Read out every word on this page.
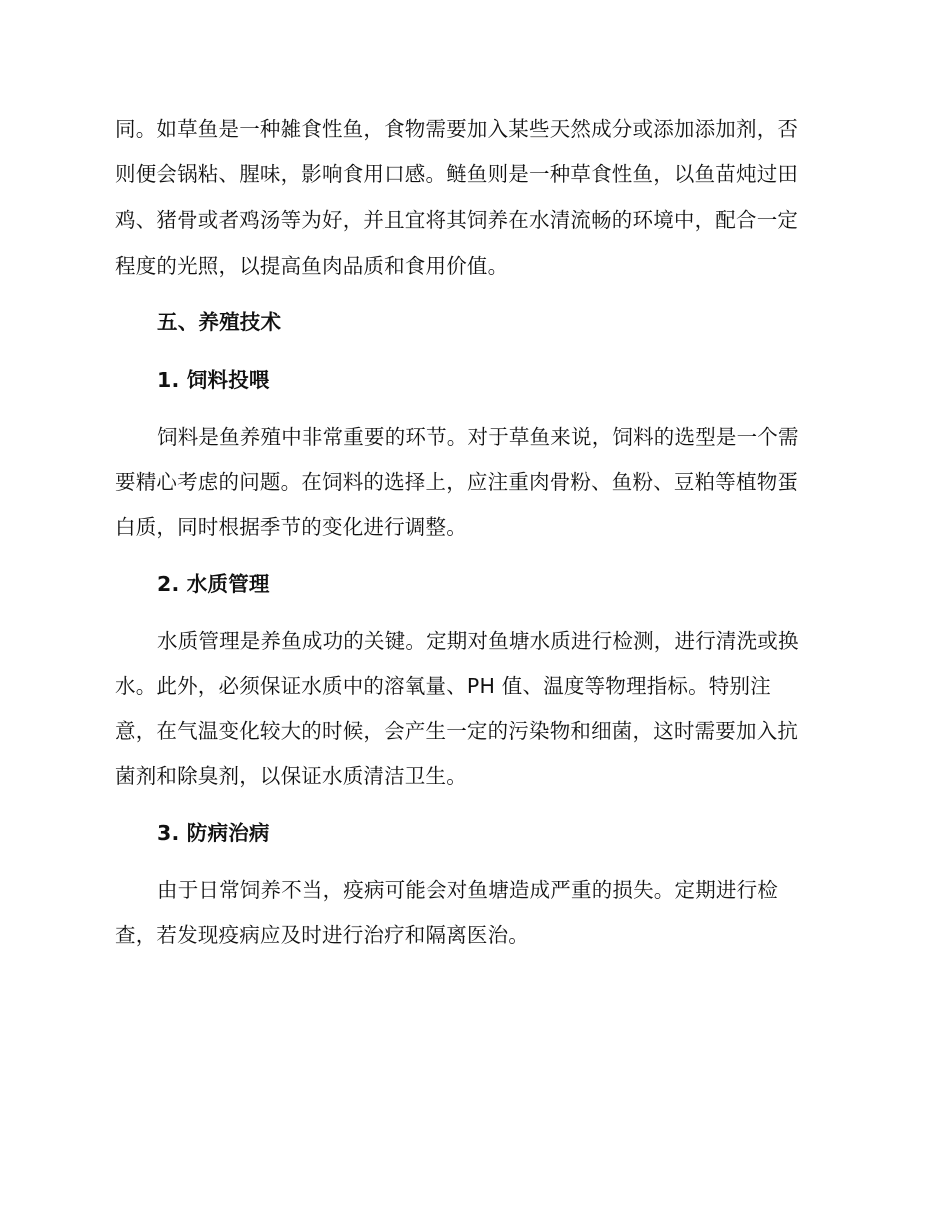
同。如草鱼是一种雑食性鱼，食物需要加入某些天然成分或添加添加剂，否
则便会锅粘、腥味，影响食用口感。鲢鱼则是一种草食性鱼，以鱼苗炖过田
鸡、猪骨或者鸡汤等为好，并且宜将其饲养在水清流畅的环境中，配合一定
程度的光照，以提高鱼肉品质和食用价值。
五、养殖技术
1. 饲料投喂
饲料是鱼养殖中非常重要的环节。对于草鱼来说，饲料的选型是一个需
要精心考虑的问题。在饲料的选择上，应注重肉骨粉、鱼粉、豆粕等植物蛋
白质，同时根据季节的变化进行调整。
2. 水质管理
水质管理是养鱼成功的关键。定期对鱼塘水质进行检测，进行清洗或换
水。此外，必须保证水质中的溶氧量、PH 值、温度等物理指标。特别注
意，在气温变化较大的时候，会产生一定的污染物和细菌，这时需要加入抗
菌剂和除臭剂，以保证水质清洁卫生。
3. 防病治病
由于日常饲养不当，疫病可能会对鱼塘造成严重的损失。定期进行检
查，若发现疫病应及时进行治疗和隔离医治。
